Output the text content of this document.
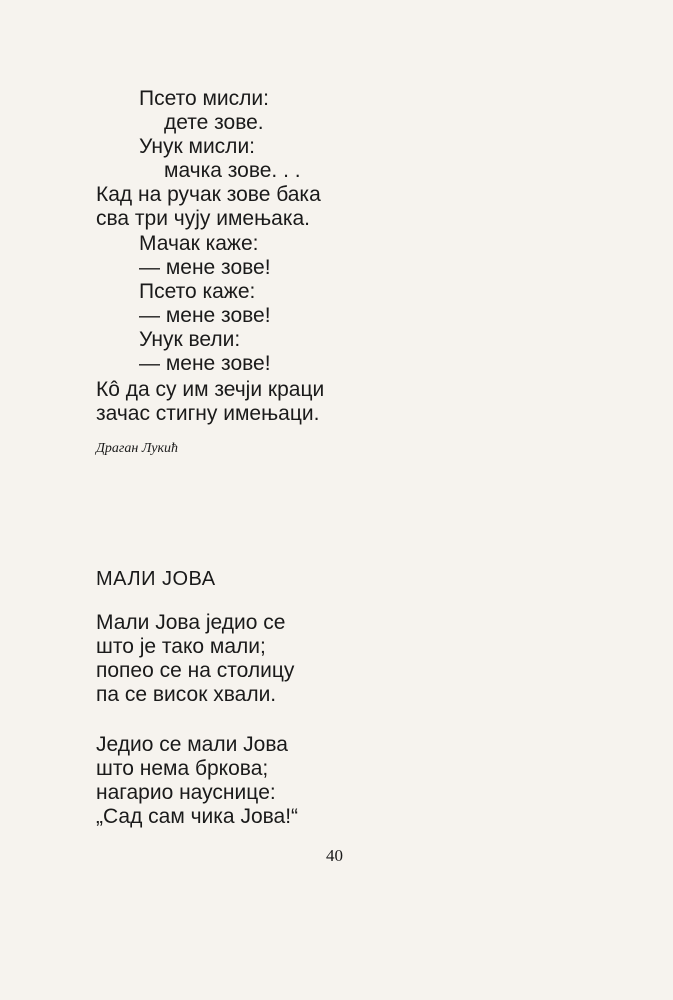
Псето мисли:
дете зове.
Унук мисли:
мачка зове. . .
Кад на ручак зове бака
сва три чују имењака.
Мачак каже:
— мене зове!
Псето каже:
— мене зове!
Унук вели:
— мене зове!
Кô да су им зечји краци
зачас стигну имењаци.
Драган Лукић
МАЛИ ЈОВА
Мали Јова једио се
што је тако мали;
попео се на столицу
па се висок хвали.
Једио се мали Јова
што нема бркова;
нагарио наусницe:
„Сад сам чика Јова!“
40
